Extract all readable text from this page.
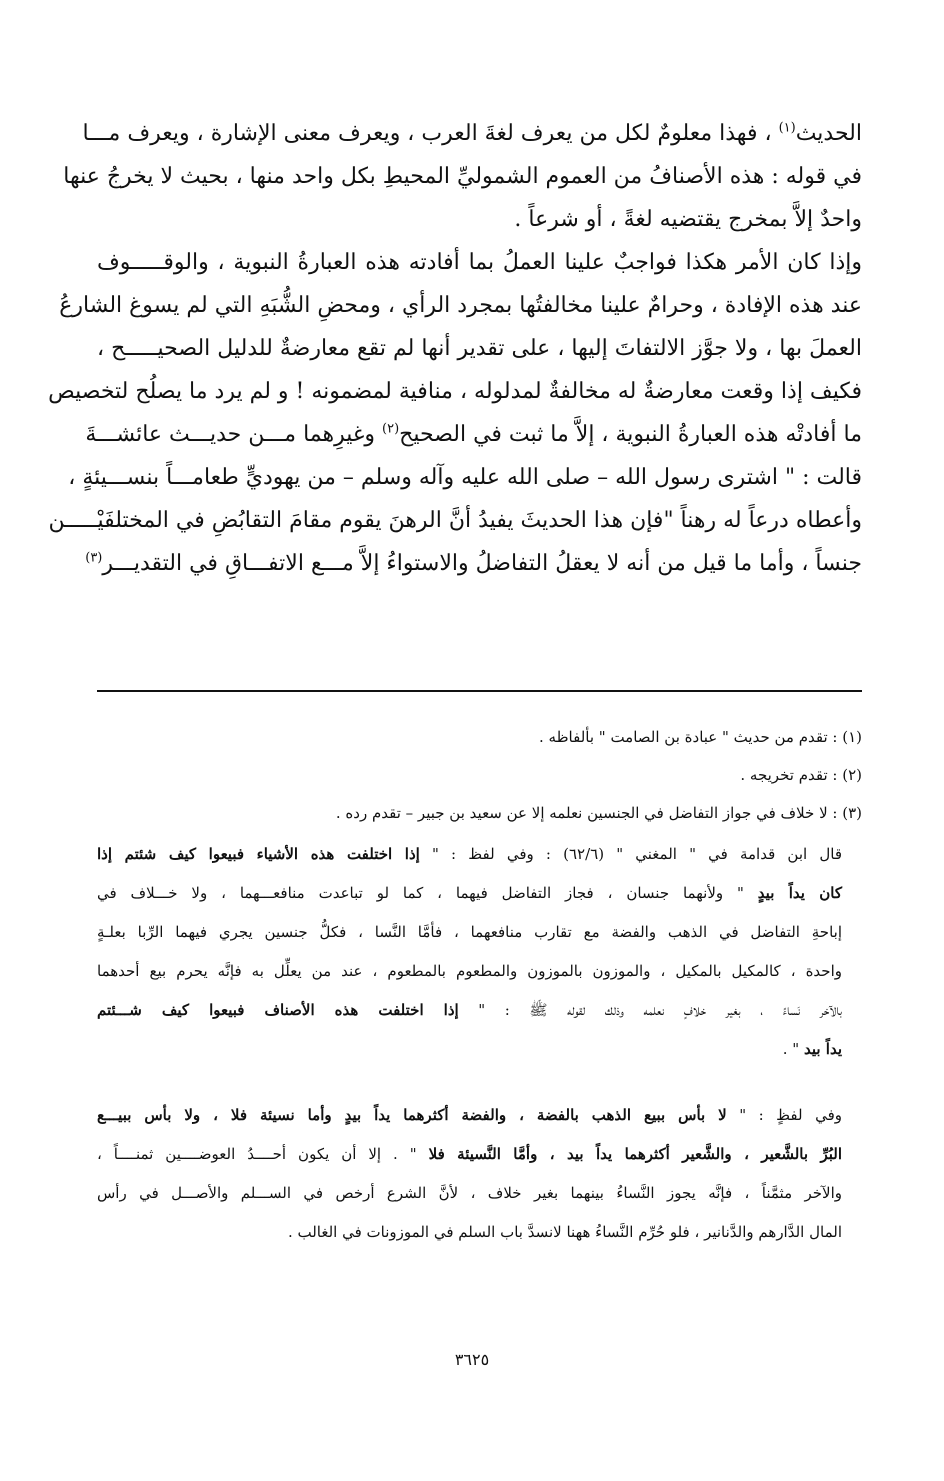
الحديث$^{(١)}$ ، فهذا معلومٌ لكل من يعرف لغةَ العرب ، ويعرف معنى الإشارة ، ويعرف مـــا
في قوله : هذه الأصنافُ من العموم الشموليِّ المحيطِ بكل واحد منها ، بحيث لا يخرجُ عنها
واحدٌ إلاَّ بمخرج يقتضيه لغةً ، أو شرعاً .
وإذا كان الأمر هكذا فواجبٌ علينا العملُ بما أفادته هذه العبارةُ النبوية ، والوقـــــوف
عند هذه الإفادة ، وحرامٌ علينا مخالفتُها بمجرد الرأي ، ومحضِ الشُّبَهِ التي لم يسوغ الشارعُ
العملَ بها ، ولا جوَّز الالتفاتَ إليها ، على تقدير أنها لم تقع معارضةٌ للدليل الصحيـــــح ،
فكيف إذا وقعت معارضةٌ له مخالفةٌ لمدلوله ، منافية لمضمونه ! و لم يرد ما يصلُح لتخصيص
ما أفادتْه هذه العبارةُ النبوية ، إلاَّ ما ثبت في الصحيح$^{(٢)}$ وغيرِهما مـــن حديـــث عائشـــةَ
قالت : " اشترى رسول الله – صلى الله عليه وآله وسلم – من يهوديٍّ طعامـــاً بنســـيئةٍ ،
وأعطاه درعاً له رهناً "فإن هذا الحديثَ يفيدُ أنَّ الرهنَ يقوم مقامَ التقابُضِ في المختلفَيْـــــن
جنساً ، وأما ما قيل من أنه لا يعقلُ التفاضلُ والاستواءُ إلاَّ مـــع الاتفـــاقِ في التقديـــر$^{(٣)}$
(١) : تقدم من حديث " عبادة بن الصامت " بألفاظه .
(٢) : تقدم تخريجه .
(٣) : لا خلاف في جواز التفاضل في الجنسين نعلمه إلا عن سعيد بن جبير – تقدم رده .
قال ابن قدامة في " المغني " (٦٢/٦) : وفي لفظ : " إذا اختلفت هذه الأشياء فبيعوا كيف شئتم إذا
كان يداً بيدٍ " ولأنهما جنسان ، فجاز التفاضل فيهما ، كما لو تباعدت منافعـــهما ، ولا خـــلاف في
إباحةِ التفاضل في الذهب والفضة مع تقارب منافعهما ، فأمَّا النَّسا ، فكلُّ جنسين يجري فيهما الرِّبا بعلـةٍ
واحدة ، كالمكيل بالمكيل ، والموزون بالموزون والمطعوم بالمطعوم ، عند من يعلِّل به فإنَّه يحرم بيع أحدهما
بالآخر نَساءً ، بغير خلافٍ نعلمه وذلك لقوله ﷺ : " إذا اختلفت هذه الأصناف فبيعوا كيف شـــئتم
يداً بيد " .
وفي لفظٍ : " لا بأس ببيع الذهب بالفضة ، والفضة أكثرهما يداً بيدٍ وأما نسيئة فلا ، ولا بأس ببيـــع
البُرِّ بالشَّعير ، والشَّعير أكثرهما يداً بيد ، وأمَّا النَّسيئة فلا " . إلا أن يكون أحــــدُ العوضــــين ثمنــــاً ،
والآخر مثمَّناً ، فإنَّه يجوز النَّساءُ بينهما بغير خلاف ، لأنَّ الشرع أرخص في الســـلم والأصـــل في رأس
المال الدَّارهم والدَّنانير ، فلو حُرِّم النَّساءُ ههنا لانسدَّ باب السلم في الموزونات في الغالب .
٣٦٢٥
